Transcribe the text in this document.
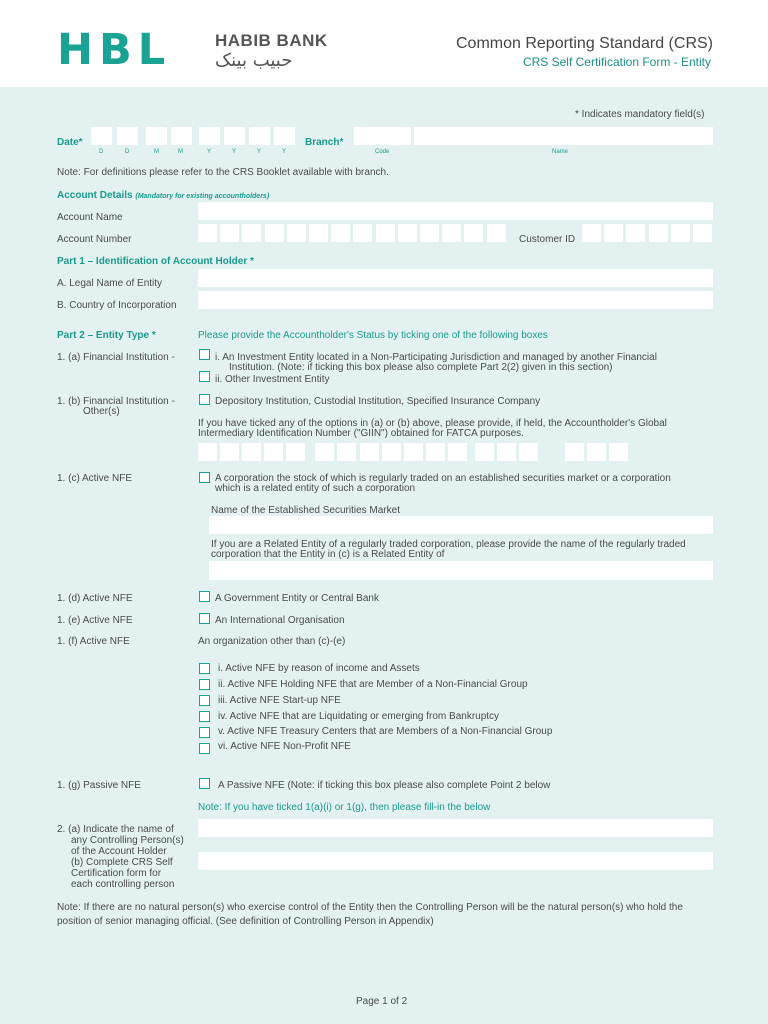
HBL	HABIB BANK
حبیب بینک
Common Reporting Standard (CRS)
CRS Self Certification Form - Entity
* Indicates mandatory field(s)
Date*
D	D	M	M	Y	Y	Y	Y
Branch*
Code	Name
Note: For definitions please refer to the CRS Booklet available with branch.
Account Details (Mandatory for existing accountholders)
Account Name
Account Number	Customer ID
Part 1 – Identification of Account Holder *
A. Legal Name of Entity
B. Country of Incorporation
Part 2 – Entity Type *	Please provide the Accountholder's Status by ticking one of the following boxes
1. (a) Financial Institution -	i. An Investment Entity located in a Non-Participating Jurisdiction and managed by another Financial
Institution. (Note: if ticking this box please also complete Part 2(2) given in this section)
ii. Other Investment Entity
1. (b) Financial Institution -
Other(s)
Depository Institution, Custodial Institution, Specified Insurance Company
If you have ticked any of the options in (a) or (b) above, please provide, if held, the Accountholder's Global
Intermediary Identification Number ("GIIN") obtained for FATCA purposes.
1. (c) Active NFE	A corporation the stock of which is regularly traded on an established securities market or a corporation
which is a related entity of such a corporation
Name of the Established Securities Market
If you are a Related Entity of a regularly traded corporation, please provide the name of the regularly traded
corporation that the Entity in (c) is a Related Entity of
1. (d) Active NFE	A Government Entity or Central Bank
1. (e) Active NFE	An International Organisation
1. (f) Active NFE	An organization other than (c)-(e)
i. Active NFE by reason of income and Assets
ii. Active NFE Holding NFE that are Member of a Non-Financial Group
iii. Active NFE Start-up NFE
iv. Active NFE that are Liquidating or emerging from Bankruptcy
v. Active NFE Treasury Centers that are Members of a Non-Financial Group
vi. Active NFE Non-Profit NFE
1. (g) Passive NFE	A Passive NFE (Note: if ticking this box please also complete Point 2 below
Note: If you have ticked 1(a)(i) or 1(g), then please fill-in the below
2. (a) Indicate the name of
any Controlling Person(s)
of the Account Holder
(b) Complete CRS Self
Certification form for
each controlling person
Note: If there are no natural person(s) who exercise control of the Entity then the Controlling Person will be the natural person(s) who hold the position of senior managing official. (See definition of Controlling Person in Appendix)
Page 1 of 2
